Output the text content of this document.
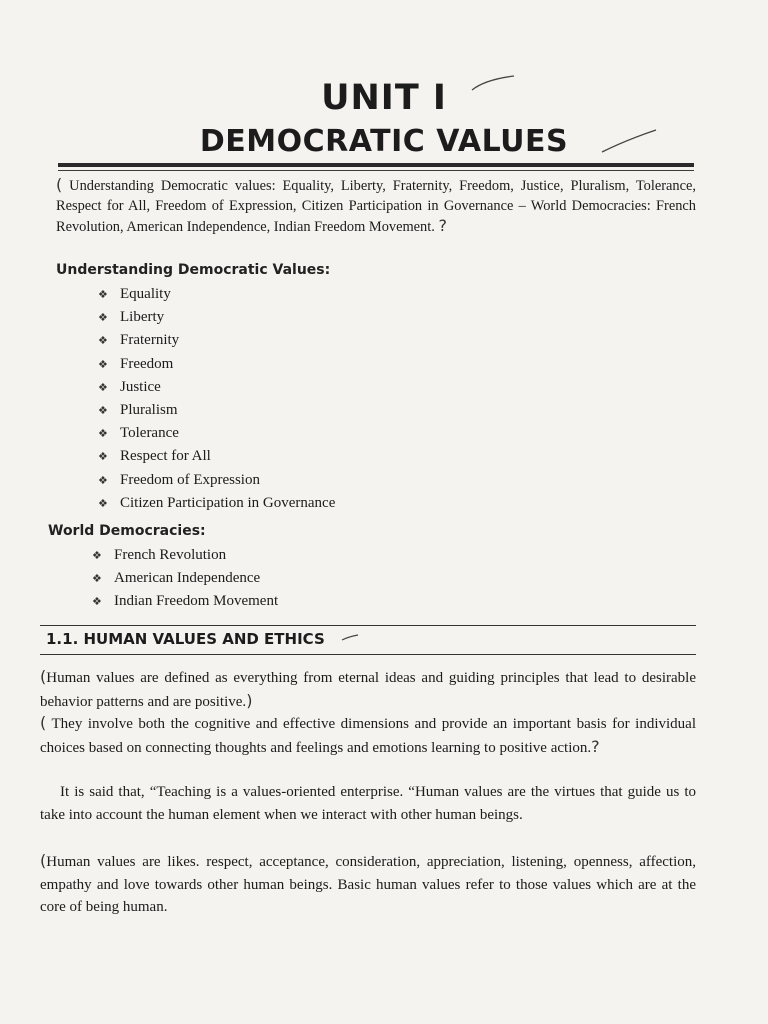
UNIT I
DEMOCRATIC VALUES
( Understanding Democratic values: Equality, Liberty, Fraternity, Freedom, Justice, Pluralism, Tolerance, Respect for All, Freedom of Expression, Citizen Participation in Governance – World Democracies: French Revolution, American Independence, Indian Freedom Movement. ?
Understanding Democratic Values:
❖ Equality
❖ Liberty
❖ Fraternity
❖ Freedom
❖ Justice
❖ Pluralism
❖ Tolerance
❖ Respect for All
❖ Freedom of Expression
❖ Citizen Participation in Governance
World Democracies:
❖ French Revolution
❖ American Independence
❖ Indian Freedom Movement
1.1. HUMAN VALUES AND ETHICS
(Human values are defined as everything from eternal ideas and guiding principles that lead to desirable behavior patterns and are positive.)
( They involve both the cognitive and effective dimensions and provide an important basis for individual choices based on connecting thoughts and feelings and emotions learning to positive action.?
It is said that, “Teaching is a values-oriented enterprise. “Human values are the virtues that guide us to take into account the human element when we interact with other human beings.
(Human values are likes. respect, acceptance, consideration, appreciation, listening, openness, affection, empathy and love towards other human beings. Basic human values refer to those values which are at the core of being human.
